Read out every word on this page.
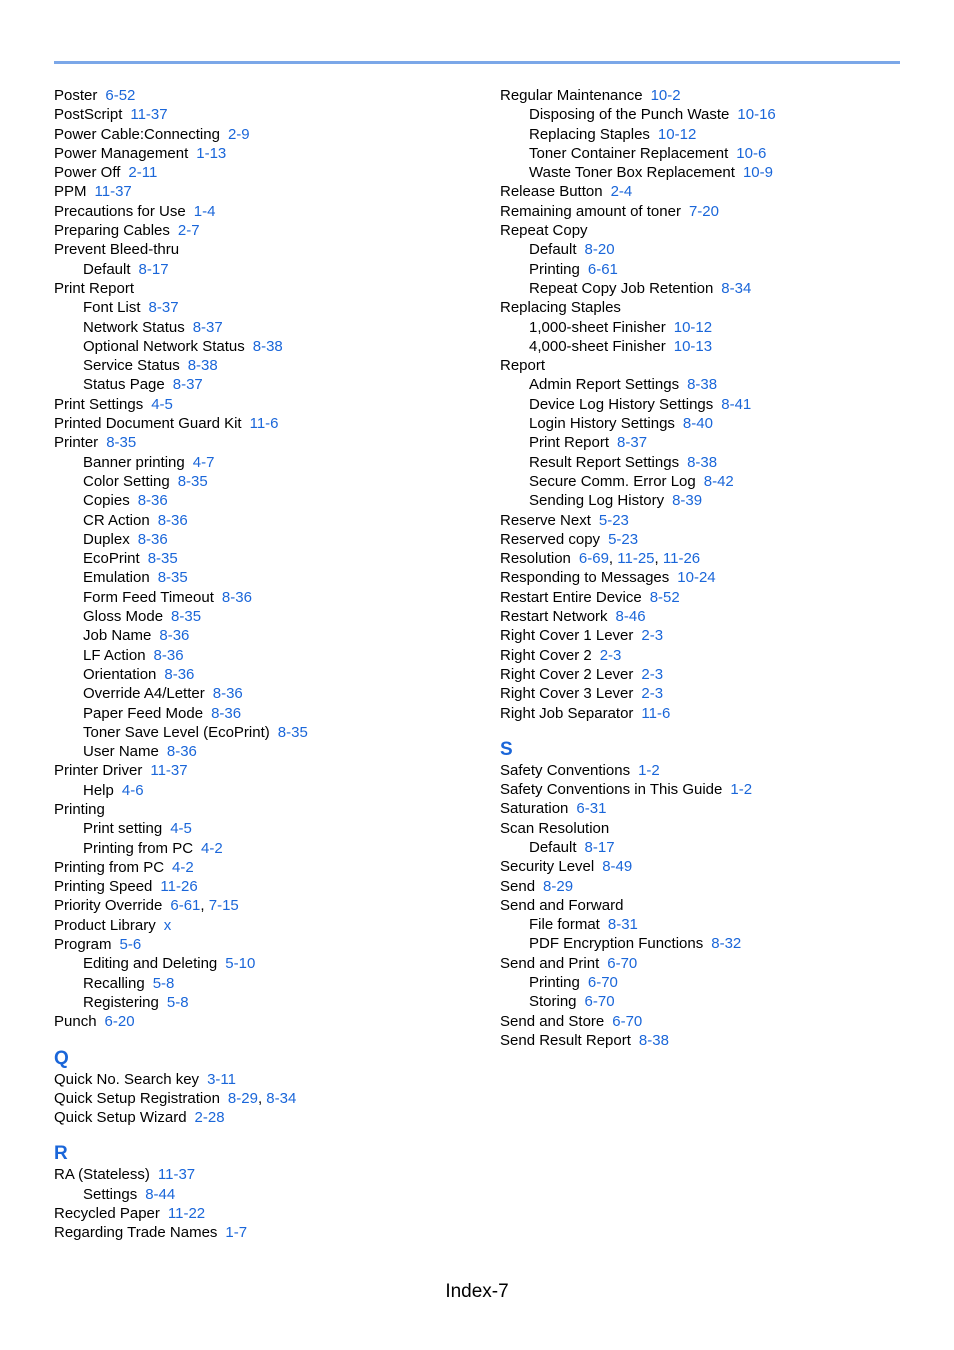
Poster 6-52
PostScript 11-37
Power Cable:Connecting 2-9
Power Management 1-13
Power Off 2-11
PPM 11-37
Precautions for Use 1-4
Preparing Cables 2-7
Prevent Bleed-thru
Default 8-17
Print Report
Font List 8-37
Network Status 8-37
Optional Network Status 8-38
Service Status 8-38
Status Page 8-37
Print Settings 4-5
Printed Document Guard Kit 11-6
Printer 8-35
Banner printing 4-7
Color Setting 8-35
Copies 8-36
CR Action 8-36
Duplex 8-36
EcoPrint 8-35
Emulation 8-35
Form Feed Timeout 8-36
Gloss Mode 8-35
Job Name 8-36
LF Action 8-36
Orientation 8-36
Override A4/Letter 8-36
Paper Feed Mode 8-36
Toner Save Level (EcoPrint) 8-35
User Name 8-36
Printer Driver 11-37
Help 4-6
Printing
Print setting 4-5
Printing from PC 4-2
Printing from PC 4-2
Printing Speed 11-26
Priority Override 6-61, 7-15
Product Library x
Program 5-6
Editing and Deleting 5-10
Recalling 5-8
Registering 5-8
Punch 6-20
Q
Quick No. Search key 3-11
Quick Setup Registration 8-29, 8-34
Quick Setup Wizard 2-28
R
RA (Stateless) 11-37
Settings 8-44
Recycled Paper 11-22
Regarding Trade Names 1-7
Regular Maintenance 10-2
Disposing of the Punch Waste 10-16
Replacing Staples 10-12
Toner Container Replacement 10-6
Waste Toner Box Replacement 10-9
Release Button 2-4
Remaining amount of toner 7-20
Repeat Copy
Default 8-20
Printing 6-61
Repeat Copy Job Retention 8-34
Replacing Staples
1,000-sheet Finisher 10-12
4,000-sheet Finisher 10-13
Report
Admin Report Settings 8-38
Device Log History Settings 8-41
Login History Settings 8-40
Print Report 8-37
Result Report Settings 8-38
Secure Comm. Error Log 8-42
Sending Log History 8-39
Reserve Next 5-23
Reserved copy 5-23
Resolution 6-69, 11-25, 11-26
Responding to Messages 10-24
Restart Entire Device 8-52
Restart Network 8-46
Right Cover 1 Lever 2-3
Right Cover 2 2-3
Right Cover 2 Lever 2-3
Right Cover 3 Lever 2-3
Right Job Separator 11-6
S
Safety Conventions 1-2
Safety Conventions in This Guide 1-2
Saturation 6-31
Scan Resolution
Default 8-17
Security Level 8-49
Send 8-29
Send and Forward
File format 8-31
PDF Encryption Functions 8-32
Send and Print 6-70
Printing 6-70
Storing 6-70
Send and Store 6-70
Send Result Report 8-38
Index-7
